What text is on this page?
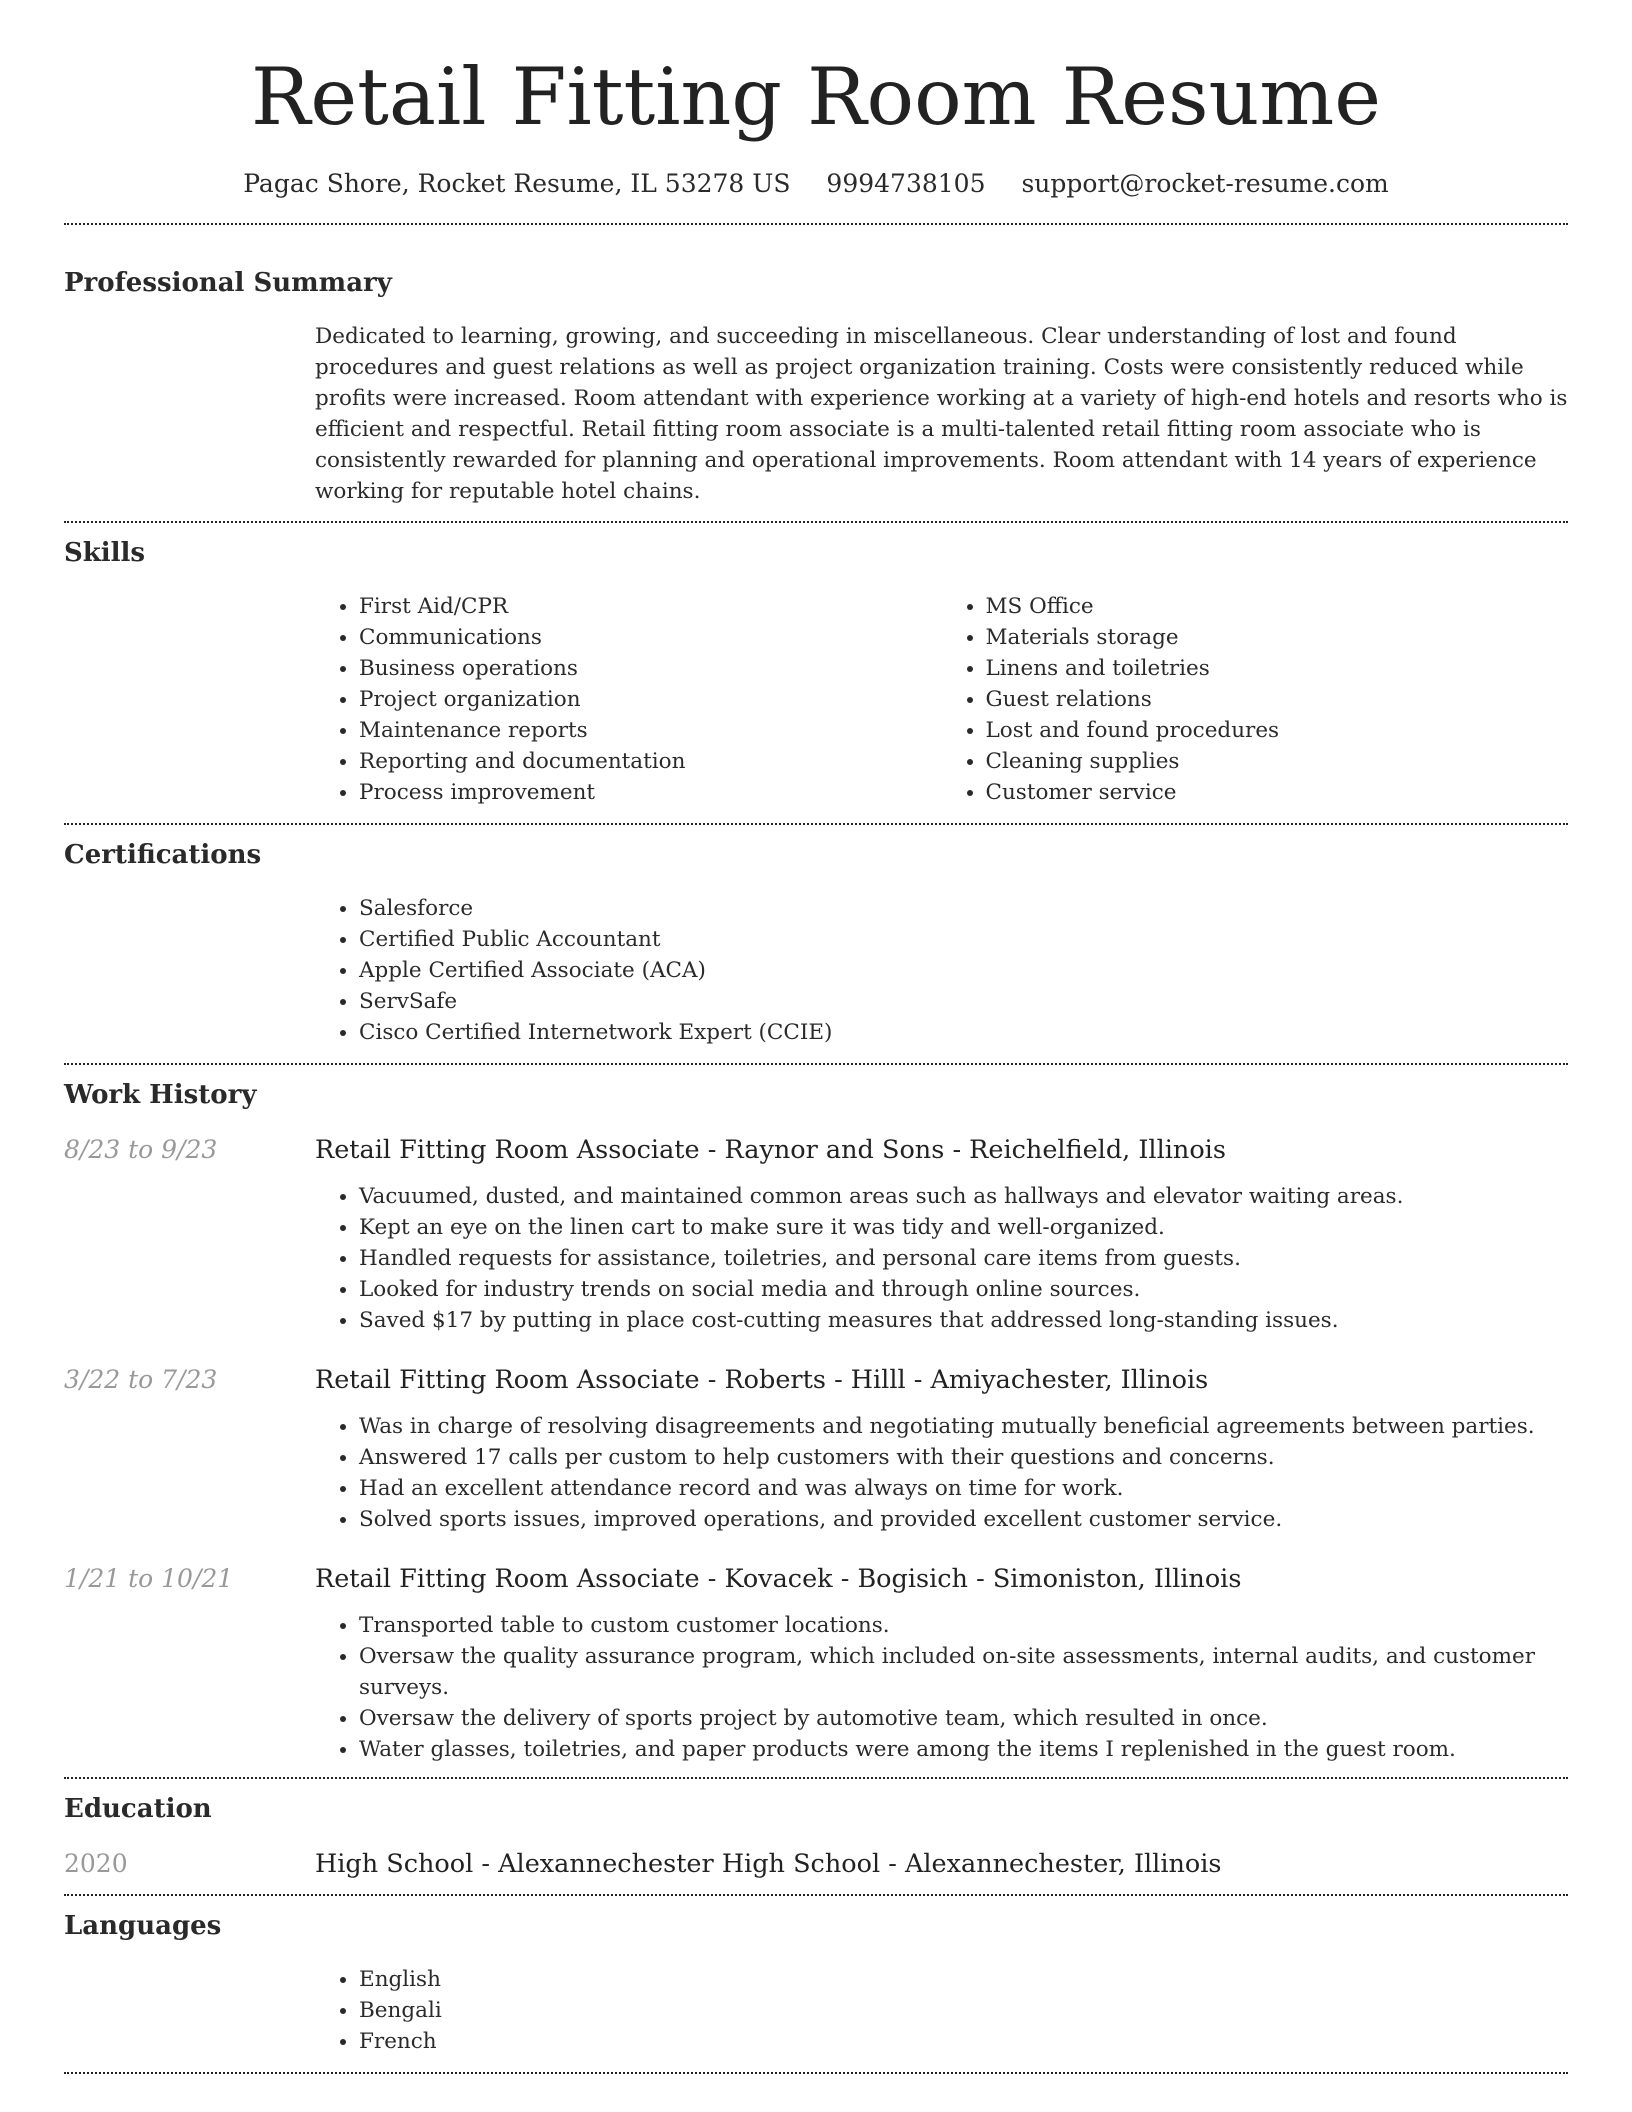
Retail Fitting Room Resume
Pagac Shore, Rocket Resume, IL 53278 US 9994738105 support@rocket-resume.com
Professional Summary

Dedicated to learning, growing, and succeeding in miscellaneous. Clear understanding of lost and found procedures and guest relations as well as project organization training. Costs were consistently reduced while profits were increased. Room attendant with experience working at a variety of high-end hotels and resorts who is efficient and respectful. Retail fitting room associate is a multi-talented retail fitting room associate who is consistently rewarded for planning and operational improvements. Room attendant with 14 years of experience working for reputable hotel chains.

Skills
• First Aid/CPR
• Communications
• Business operations
• Project organization
• Maintenance reports
• Reporting and documentation
• Process improvement
• MS Office
• Materials storage
• Linens and toiletries
• Guest relations
• Lost and found procedures
• Cleaning supplies
• Customer service
Certifications
• Salesforce
• Certified Public Accountant
• Apple Certified Associate (ACA)
• ServSafe
• Cisco Certified Internetwork Expert (CCIE)
Work History
8/23 to 9/23	Retail Fitting Room Associate - Raynor and Sons - Reichelfield, Illinois
• Vacuumed, dusted, and maintained common areas such as hallways and elevator waiting areas.
• Kept an eye on the linen cart to make sure it was tidy and well-organized.
• Handled requests for assistance, toiletries, and personal care items from guests.
• Looked for industry trends on social media and through online sources.
• Saved $17 by putting in place cost-cutting measures that addressed long-standing issues.
3/22 to 7/23	Retail Fitting Room Associate - Roberts - Hilll - Amiyachester, Illinois
• Was in charge of resolving disagreements and negotiating mutually beneficial agreements between parties.
• Answered 17 calls per custom to help customers with their questions and concerns.
• Had an excellent attendance record and was always on time for work.
• Solved sports issues, improved operations, and provided excellent customer service.
1/21 to 10/21	Retail Fitting Room Associate - Kovacek - Bogisich - Simoniston, Illinois
• Transported table to custom customer locations.
• Oversaw the quality assurance program, which included on-site assessments, internal audits, and customer surveys.
• Oversaw the delivery of sports project by automotive team, which resulted in once.
• Water glasses, toiletries, and paper products were among the items I replenished in the guest room.
Education
2020	High School - Alexannechester High School - Alexannechester, Illinois
Languages
• English
• Bengali
• French
